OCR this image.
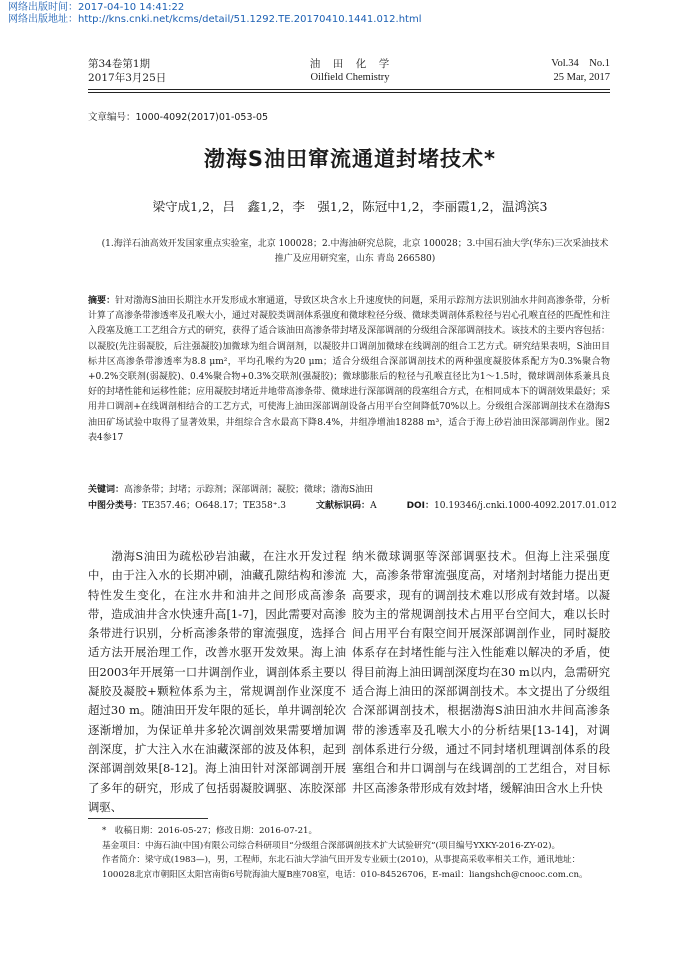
网络出版时间：2017-04-10 14:41:22
网络出版地址：http://kns.cnki.net/kcms/detail/51.1292.TE.20170410.1441.012.html
第34卷第1期
2017年3月25日
油　田　化　学
Oilfield Chemistry
Vol.34　No.1
25 Mar, 2017
文章编号：1000-4092(2017)01-053-05
渤海S油田窜流通道封堵技术*
梁守成1,2，吕　鑫1,2，李　强1,2，陈冠中1,2，李丽霞1,2，温鸿滨3
(1.海洋石油高效开发国家重点实验室，北京 100028；2.中海油研究总院，北京 100028；3.中国石油大学(华东)三次采油技术推广及应用研究室，山东 青岛 266580)
摘要：针对渤海S油田长期注水开发形成水窜通道，导致区块含水上升速度快的问题，采用示踪剂方法识别油水井间高渗条带，分析计算了高渗条带渗透率及孔喉大小，通过对凝胶类调剖体系强度和微球粒径分级、微球类调剖体系粒径与岩心孔喉直径的匹配性和注入段塞及施工工艺组合方式的研究，获得了适合该油田高渗条带封堵及深部调剖的分级组合深部调剖技术。该技术的主要内容包括：以凝胶(先注弱凝胶，后注强凝胶)加微球为组合调剖剂，以凝胶井口调剖加微球在线调剖的组合工艺方式。研究结果表明，S油田目标井区高渗条带渗透率为8.8 μm²，平均孔喉约为20 μm；适合分级组合深部调剖技术的两种强度凝胶体系配方为0.3%聚合物+0.2%交联剂(弱凝胶)、0.4%聚合物+0.3%交联剂(强凝胶)；微球膨胀后的粒径与孔喉直径比为1～1.5时，微球调剖体系兼具良好的封堵性能和运移性能；应用凝胶封堵近井地带高渗条带、微球进行深部调剖的段塞组合方式，在相同成本下的调剖效果最好；采用井口调剖+在线调剖相结合的工艺方式，可使海上油田深部调剖设备占用平台空间降低70%以上。分级组合深部调剖技术在渤海S油田矿场试验中取得了显著效果，井组综合含水最高下降8.4%，井组净增油18288 m³，适合于海上砂岩油田深部调剖作业。图2表4参17
关键词：高渗条带；封堵；示踪剂；深部调剖；凝胶；微球；渤海S油田
中图分类号：TE357.46；O648.17；TE358⁺.3	文献标识码：A	DOI：10.19346/j.cnki.1000-4092.2017.01.012
渤海S油田为疏松砂岩油藏，在注水开发过程中，由于注入水的长期冲刷，油藏孔隙结构和渗流特性发生变化，在注水井和油井之间形成高渗条带，造成油井含水快速升高[1-7]，因此需要对高渗条带进行识别，分析高渗条带的窜流强度，选择合适方法开展治理工作，改善水驱开发效果。海上油田2003年开展第一口井调剖作业，调剖体系主要以凝胶及凝胶+颗粒体系为主，常规调剖作业深度不超过30 m。随油田开发年限的延长，单井调剖轮次逐渐增加，为保证单井多轮次调剖效果需要增加调剖深度，扩大注入水在油藏深部的波及体积，起到深部调剖效果[8-12]。海上油田针对深部调剖开展了多年的研究，形成了包括弱凝胶调驱、冻胶深部调驱、
纳米微球调驱等深部调驱技术。但海上注采强度大，高渗条带窜流强度高，对堵剂封堵能力提出更高要求，现有的调剖技术难以形成有效封堵。以凝胶为主的常规调剖技术占用平台空间大，难以长时间占用平台有限空间开展深部调剖作业，同时凝胶体系存在封堵性能与注入性能难以解决的矛盾，使得目前海上油田调剖深度均在30 m以内，急需研究适合海上油田的深部调剖技术。本文提出了分级组合深部调剖技术，根据渤海S油田油水井间高渗条带的渗透率及孔喉大小的分析结果[13-14]，对调剖体系进行分级，通过不同封堵机理调剖体系的段塞组合和井口调剖与在线调剖的工艺组合，对目标井区高渗条带形成有效封堵，缓解油田含水上升快

*　收稿日期：2016-05-27；修改日期：2016-07-21。

基金项目：中海石油(中国)有限公司综合科研项目“分级组合深部调剖技术扩大试验研究”(项目编号YXKY-2016-ZY-02)。

作者简介：梁守成(1983—)，男，工程师，东北石油大学油气田开发专业硕士(2010)，从事提高采收率相关工作，通讯地址：100028北京市朝阳区太阳宫南街6号院海油大厦B座708室，电话：010-84526706，E-mail：liangshch@cnooc.com.cn。
